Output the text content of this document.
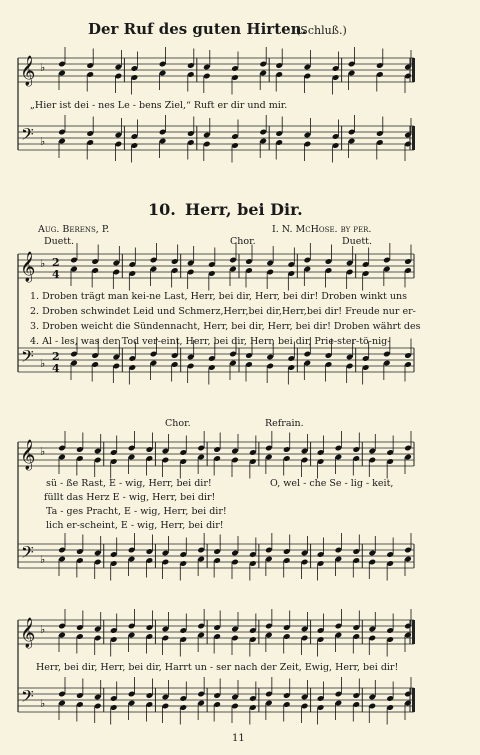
Der Ruf des guten Hirten.
(Schluß.)
„Hier ist dei - nes Le - bens Ziel,“ Ruft er dir und mir.
10. Herr, bei Dir.
Aug. Berens, P.	I. N. McHose. by per.
Duett.	Chor.	Duett.
1. Droben trägt man kei-ne Last, Herr, bei dir, Herr, bei dir! Droben winkt uns
2. Droben schwindet Leid und Schmerz,Herr,bei dir,Herr,bei dir! Freude nur er-
3. Droben weicht die Sündennacht, Herr, bei dir, Herr, bei dir! Droben währt des
4. Al - les, was der Tod ver-eint, Herr, bei dir, Herr, bei dir, Prie-ster-tö-nig-
Chor.	Refrain.
sü - ße Rast, E - wig, Herr, bei dir!	O, wel - che Se - lig - keit,
füllt das Herz E - wig, Herr, bei dir!
Ta - ges Pracht, E - wig, Herr, bei dir!
lich er-scheint, E - wig, Herr, bei dir!
Herr, bei dir, Herr, bei dir, Harrt un - ser nach der Zeit, Ewig, Herr, bei dir!
11
𝄞
𝄢
♭
♭
𝄞
𝄢
♭
♭
2
4
2
4
𝄞
𝄢
♭
♭
𝄞
𝄢
♭
♭
